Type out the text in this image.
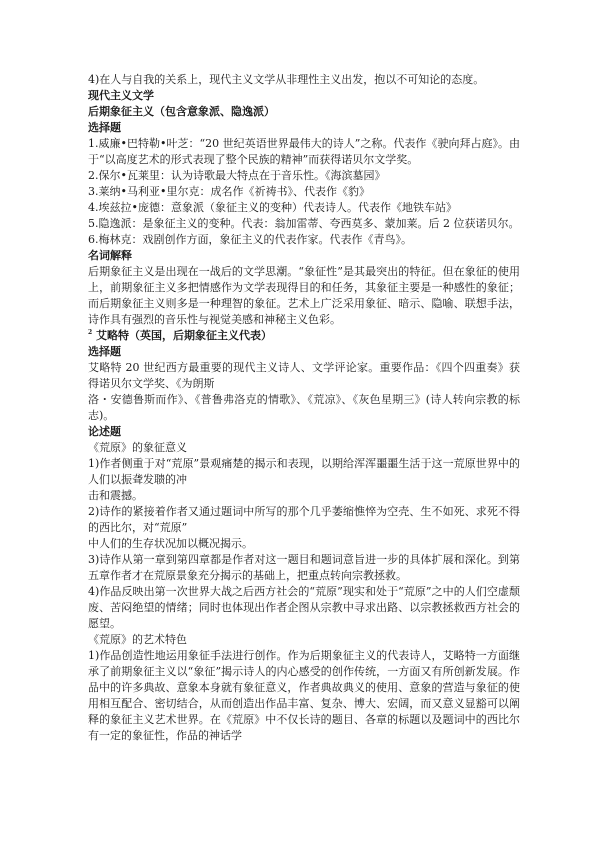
4)在人与自我的关系上，现代主义文学从非理性主义出发，抱以不可知论的态度。

现代主义文学

后期象征主义（包含意象派、隐逸派）

选择题

1.威廉•巴特勒•叶芝：“20 世纪英语世界最伟大的诗人”之称。代表作《驶向拜占庭》。由于“以高度艺术的形式表现了整个民族的精神”而获得诺贝尔文学奖。

2.保尔•瓦莱里：认为诗歌最大特点在于音乐性。《海滨墓园》

3.莱纳•马利亚•里尔克：成名作《祈祷书》、代表作《豹》

4.埃兹拉•庞德：意象派（象征主义的变种）代表诗人。代表作《地铁车站》

5.隐逸派：是象征主义的变种。代表：翁加雷蒂、夸西莫多、蒙加莱。后 2 位获诺贝尔。

6.梅林克：戏剧创作方面，象征主义的代表作家。代表作《青鸟》。

名词解释

后期象征主义是出现在一战后的文学思潮。“象征性”是其最突出的特征。但在象征的使用上，前期象征主义多把情感作为文学表现得目的和任务，其象征主要是一种感性的象征；而后期象征主义则多是一种理智的象征。艺术上广泛采用象征、暗示、隐喻、联想手法，诗作具有强烈的音乐性与视觉美感和神秘主义色彩。

$^2$ 艾略特（英国，后期象征主义代表）

选择题

艾略特 20 世纪西方最重要的现代主义诗人、文学评论家。重要作品：《四个四重奏》获得诺贝尔文学奖、《为朗斯

洛・安德鲁斯而作》、《普鲁弗洛克的情歌》、《荒凉》、《灰色星期三》(诗人转向宗教的标志)。

论述题

《荒原》的象征意义

1)作者侧重于对“荒原”景观痛楚的揭示和表现，以期给浑浑噩噩生活于这一荒原世界中的人们以振聋发聩的冲

击和震撼。

2)诗作的紧接着作者又通过题词中所写的那个几乎萎缩憔悴为空壳、生不如死、求死不得的西比尔，对“荒原”

中人们的生存状况加以概况揭示。

3)诗作从第一章到第四章都是作者对这一题目和题词意旨进一步的具体扩展和深化。到第五章作者才在荒原景象充分揭示的基础上，把重点转向宗教拯救。

4)作品反映出第一次世界大战之后西方社会的“荒原”现实和处于“荒原”之中的人们空虚颓废、苦闷绝望的情绪；同时也体现出作者企图从宗教中寻求出路、以宗教拯救西方社会的愿望。

《荒原》的艺术特色

1)作品创造性地运用象征手法进行创作。作为后期象征主义的代表诗人，艾略特一方面继承了前期象征主义以“象征”揭示诗人的内心感受的创作传统，一方面又有所创新发展。作品中的许多典故、意象本身就有象征意义，作者典故典义的使用、意象的营造与象征的使用相互配合、密切结合，从而创造出作品丰富、复杂、博大、宏阔，而又意义显豁可以阐释的象征主义艺术世界。在《荒原》中不仅长诗的题目、各章的标题以及题词中的西比尔有一定的象征性，作品的神话学
